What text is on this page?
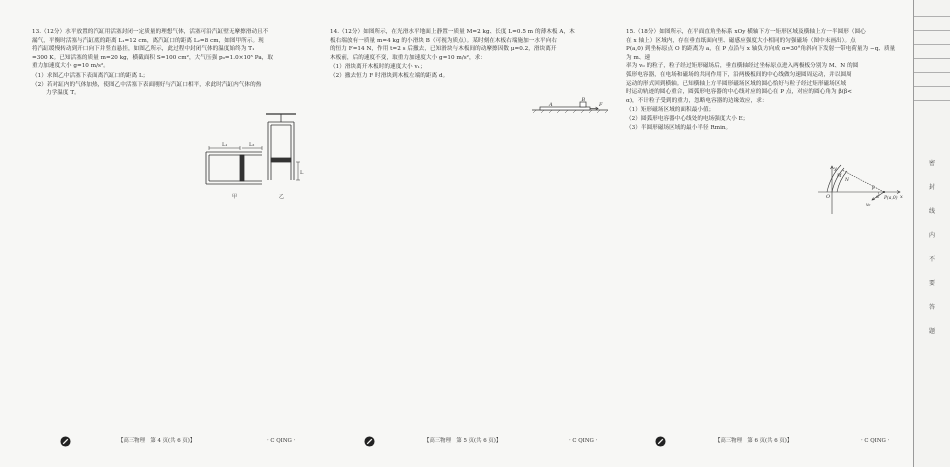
13.（12分）水平放置的汽缸用活塞封闭一定质量的理想气体，活塞可沿汽缸壁无摩擦滑动且不

漏气，平衡时活塞与汽缸底的距离 L₁=12 cm，离汽缸口的距离 L₂=8 cm，如图甲所示。现

将汽缸缓慢转动到开口向下并竖直悬挂，如图乙所示，此过程中封闭气体的温度始终为 T₁

=300 K。已知活塞的质量 m=20 kg，横截面积 S=100 cm²，大气压强 p₀=1.0×10⁵ Pa，取

重力加速度大小 g=10 m/s²。

（1）求图乙中活塞下表面离汽缸口的距离 L；

（2）若对缸内的气体加热，使图乙中活塞下表面刚好与汽缸口相平，求此时汽缸内气体的热

力学温度 T。

L₁	L₂
L
甲	乙

14.（12分）如图所示，在光滑水平地面上静置一质量 M=2 kg、长度 L=0.5 m 的薄木板 A，木

板右端放有一质量 m=4 kg 的小滑块 B（可视为质点）。某时刻在木板右端施加一水平向右

的恒力 F=14 N，作用 t=2 s 后撤去，已知滑块与木板间的动摩擦因数 μ=0.2，滑块离开

木板前，后的速度不变，取重力加速度大小 g=10 m/s²，求：

（1）滑块离开木板时的速度大小 v₁；

（2）撤去恒力 F 时滑块到木板左端的距离 d。

A
B
F

15.（18分）如图所示，在平面直角坐标系 xOy 横轴下方一矩形区域及横轴上方一半圆形（圆心

在 x 轴上）区域内，存在垂直纸面向里、磁感应强度大小相同的匀强磁场（图中未画出）。点

P(a,0) 到坐标原点 O 的距离为 a，在 P 点沿与 x 轴负方向成 α=30°角斜向下发射一带电荷量为 −q、质量为 m、速

率为 v₀ 的粒子，粒子经过矩形磁场后，垂直横轴经过坐标原点进入两极板分别为 M、N 的圆

弧形电容器，在电场和磁场的共同作用下，沿两极板间的中心线做匀速圆周运动，并以圆周

运动的形式回到横轴。已知横轴上方半圆形磁场区域的圆心恰好与粒子经过矩形磁场区域

时运动轨迹的圆心重合，圆弧形电容器的中心线对应的圆心在 P 点，对应的圆心角为 β(β<

α)，不计粒子受到的重力，忽略电容器的边缘效应，求：

（1）矩形磁场区域的面积最小值；

（2）圆弧形电容器中心线处的电场强度大小 E；

（3）半圆形磁场区域的最小半径 Rmin。

y
x
O
M
N
P(a,0)
β
α
v₀
【高三物理　第 4 页(共 6 页)】	· C QING ·	【高三物理　第 5 页(共 6 页)】	· C QING ·	【高三物理　第 6 页(共 6 页)】	· C QING ·
密
封
线
内
不
要
答
题
